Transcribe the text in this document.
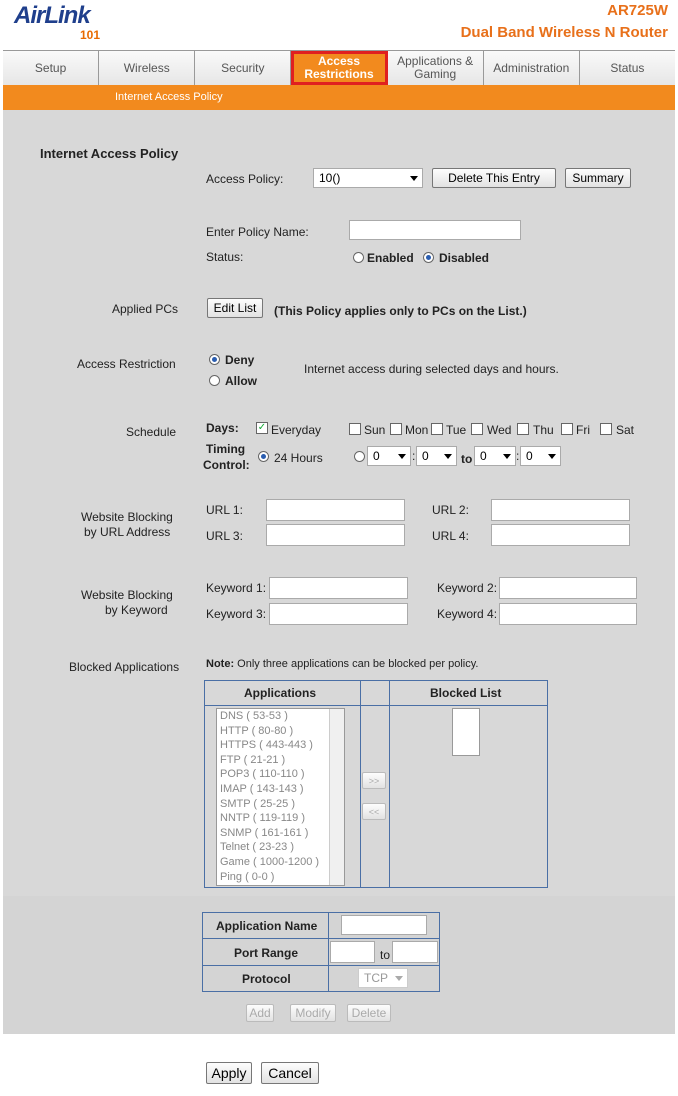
AirLink
101
AR725W
Dual Band Wireless N Router
Setup	Wireless	Security	Access Restrictions
Applications & Gaming	Administration	Status
Internet Access Policy
Internet Access Policy
Access Policy:	10()	Delete This Entry	Summary
Enter Policy Name:
Status:	Enabled Disabled
Applied PCs	Edit List	(This Policy applies only to PCs on the List.)
Access Restriction	Deny
Allow
Internet access during selected days and hours.
Schedule Days: ✓ Everyday	Sun Mon Tue Wed Thu Fri Sat
Timing
Control: 24 Hours	0	: 0	to 0 : 0
Website Blocking
by URL Address
URL 1:	URL 2:
URL 3:	URL 4:
Website Blocking
by Keyword
Keyword 1:	Keyword 2:
Keyword 3:	Keyword 4:
Blocked Applications Note: Only three applications can be blocked per policy.
Applications	Blocked List
DNS ( 53-53 )
HTTP ( 80-80 )
HTTPS ( 443-443 )
FTP ( 21-21 )
POP3 ( 110-110 )
IMAP ( 143-143 )
SMTP ( 25-25 )
NNTP ( 119-119 )
SNMP ( 161-161 )
Telnet ( 23-23 )
Game ( 1000-1200 )
Ping ( 0-0 )
>>
<<
Application Name
Port Range	to
Protocol	TCP
Add	Modify	Delete
Apply	Cancel
